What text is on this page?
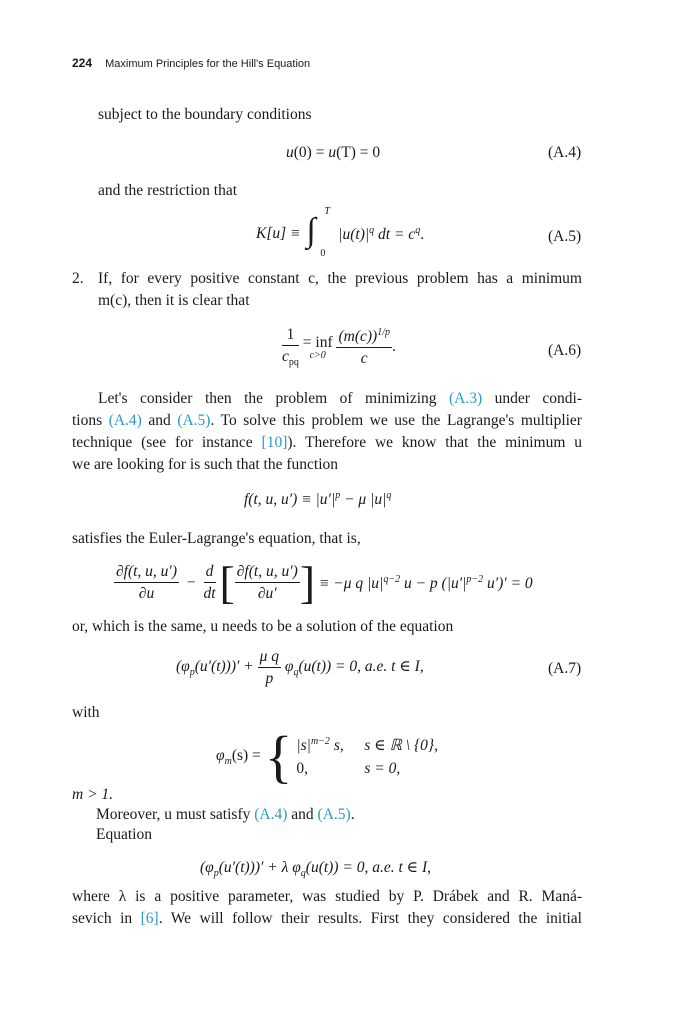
224 Maximum Principles for the Hill's Equation
subject to the boundary conditions
u(0) = u(T) = 0	(A.4)
and the restriction that
K[u] ≡ ∫
T
0
$|u(t)|^q$ dt = $c^q$.	(A.5)
2. If, for every positive constant c, the previous problem has a minimum
m(c), then it is clear that
$\frac{1}{c_{pq}}$
= inf
c>0
$\frac{(m(c))^{1/p}}{c}$ .	(A.6)
Let's consider then the problem of minimizing (A.3) under condi-
tions (A.4) and (A.5). To solve this problem we use the Lagrange's multiplier
technique (see for instance [10]). Therefore we know that the minimum u
we are looking for is such that the function
f(t, u, $u') \equiv |u'|^p - \mu$ $|u|^q$
satisfies the Euler-Lagrange's equation, that is,
$\frac{\partial f(t, u, u')}{\partial u} - \frac{d}{dt}$ [ $\frac{\partial f(t, u, u')}{\partial u'}$ ] ≡ −μ q $|u|^{q-2}$ u − p ($|u'|^{p-2}$ u′)′ = 0
or, which is the same, u needs to be a solution of the equation
$(\varphi_p(u'(t)))' + \frac{\text{μ q}}{p} \varphi_q(u(t)) = 0$, a.e. t ∈ I,	(A.7)
with
$\varphi_m(s)$ = { $|s|^{m-2}$ s, s ∈ ℝ \ {0},
0,	s = 0,
m > 1.
Moreover, u must satisfy (A.4) and (A.5).
Equation
$(\varphi_p(u'(t)))' + \lambda$ $\varphi_q(u(t)) = 0$, a.e. t ∈ I,
where λ is a positive parameter, was studied by P. Drábek and R. Maná-
sevich in [6]. We will follow their results. First they considered the initial
